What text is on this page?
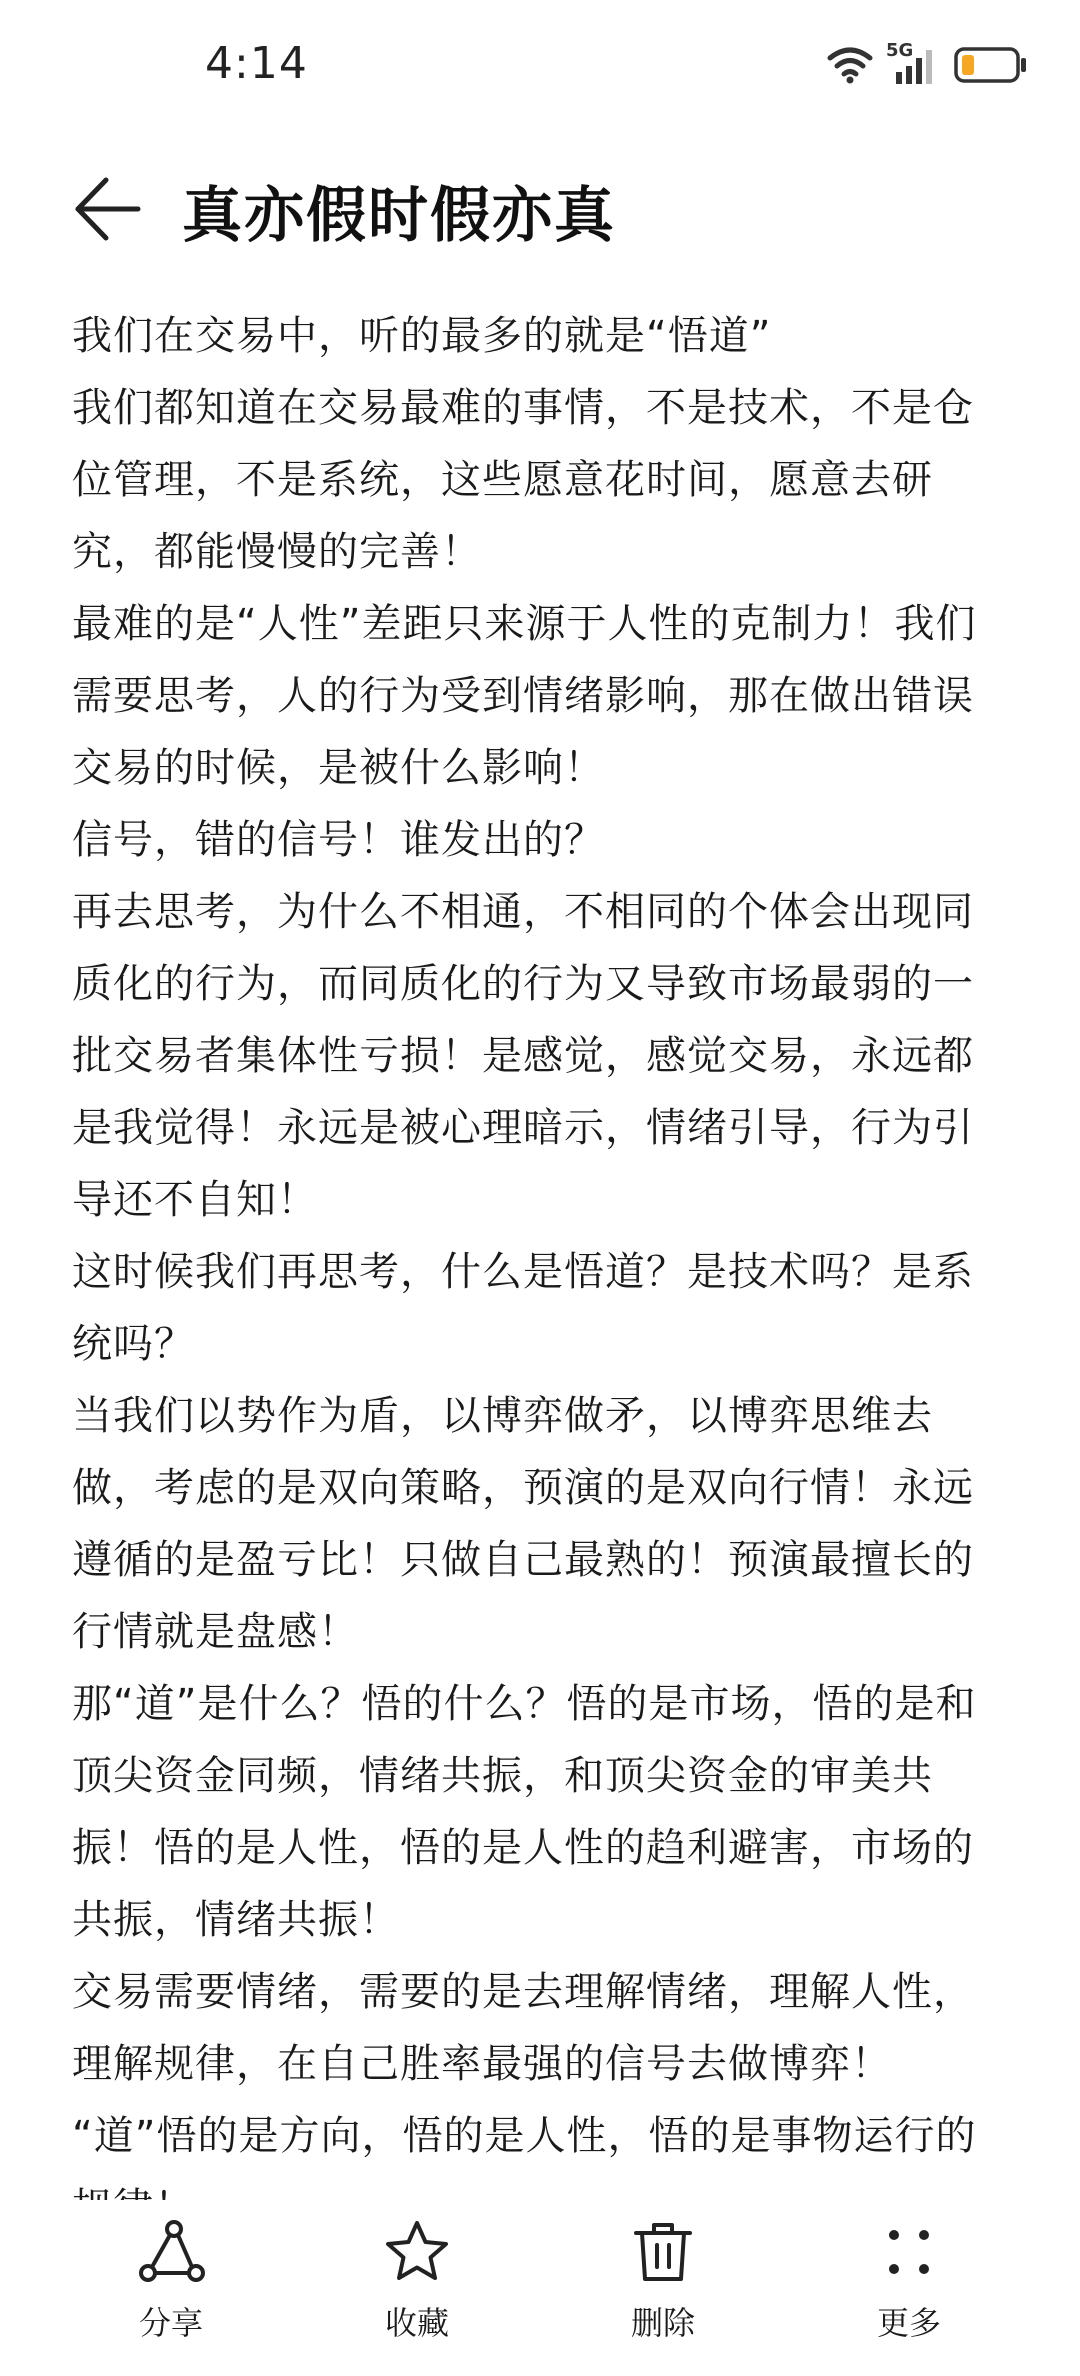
4:14	5G
真亦假时假亦真

我们在交易中，听的最多的就是“悟道”

我们都知道在交易最难的事情，不是技术，不是仓位管理，不是系统，这些愿意花时间，愿意去研究，都能慢慢的完善！

最难的是“人性”差距只来源于人性的克制力！我们需要思考，人的行为受到情绪影响，那在做出错误交易的时候，是被什么影响！

信号，错的信号！谁发出的？

再去思考，为什么不相通，不相同的个体会出现同质化的行为，而同质化的行为又导致市场最弱的一批交易者集体性亏损！是感觉，感觉交易，永远都是我觉得！永远是被心理暗示，情绪引导，行为引导还不自知！

这时候我们再思考，什么是悟道？是技术吗？是系统吗？

当我们以势作为盾，以博弈做矛，以博弈思维去做，考虑的是双向策略，预演的是双向行情！永远遵循的是盈亏比！只做自己最熟的！预演最擅长的行情就是盘感！

那“道”是什么？悟的什么？悟的是市场，悟的是和顶尖资金同频，情绪共振，和顶尖资金的审美共振！悟的是人性，悟的是人性的趋利避害，市场的共振，情绪共振！

交易需要情绪，需要的是去理解情绪，理解人性，理解规律，在自己胜率最强的信号去做博弈！

“道”悟的是方向，悟的是人性，悟的是事物运行的

分享	收藏	删除	更多
